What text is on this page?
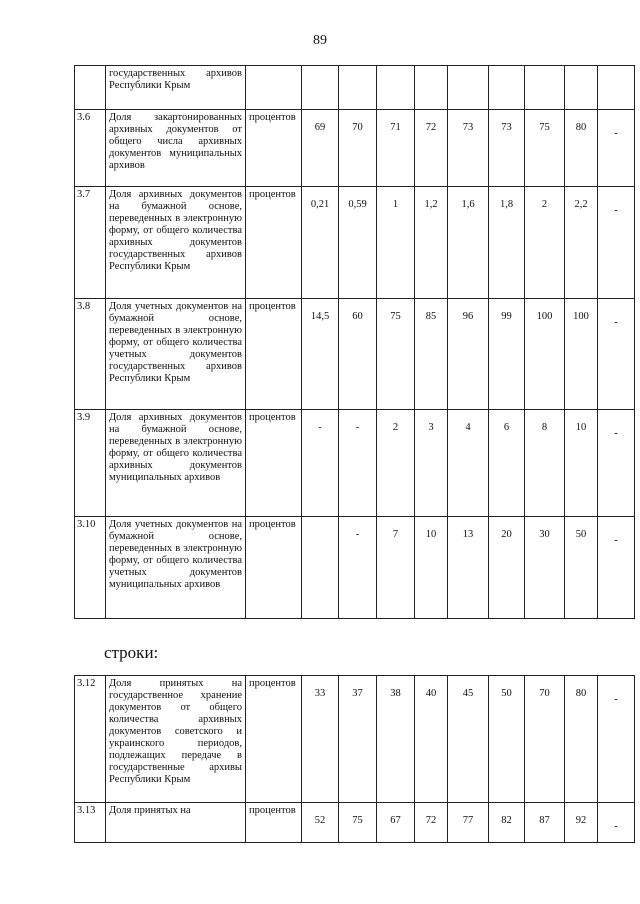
89
	государственных архивов Республики Крым										
3.6	Доля закартонированных архивных документов от общего числа архивных документов муниципальных архивов	процентов	69	70	71	72	73	73	75	80	-
3.7	Доля архивных документов на бумажной основе, переведенных в электронную форму, от общего количества архивных документов государственных архивов Республики Крым	процентов	0,21	0,59	1	1,2	1,6	1,8	2	2,2	-
3.8	Доля учетных документов на бумажной основе, переведенных в электронную форму, от общего количества учетных документов государственных архивов Республики Крым	процентов	14,5	60	75	85	96	99	100	100	-
3.9	Доля архивных документов на бумажной основе, переведенных в электронную форму, от общего количества архивных документов муниципальных архивов	процентов	-	-	2	3	4	6	8	10	-
3.10	Доля учетных документов на бумажной основе, переведенных в электронную форму, от общего количества учетных документов муниципальных архивов	процентов		-	7	10	13	20	30	50	-
строки:
3.12	Доля принятых на государственное хранение документов от общего количества архивных документов советского и украинского периодов, подлежащих передаче в государственные архивы Республики Крым	процентов	33	37	38	40	45	50	70	80	-
3.13	Доля принятых на	процентов	52	75	67	72	77	82	87	92	-
